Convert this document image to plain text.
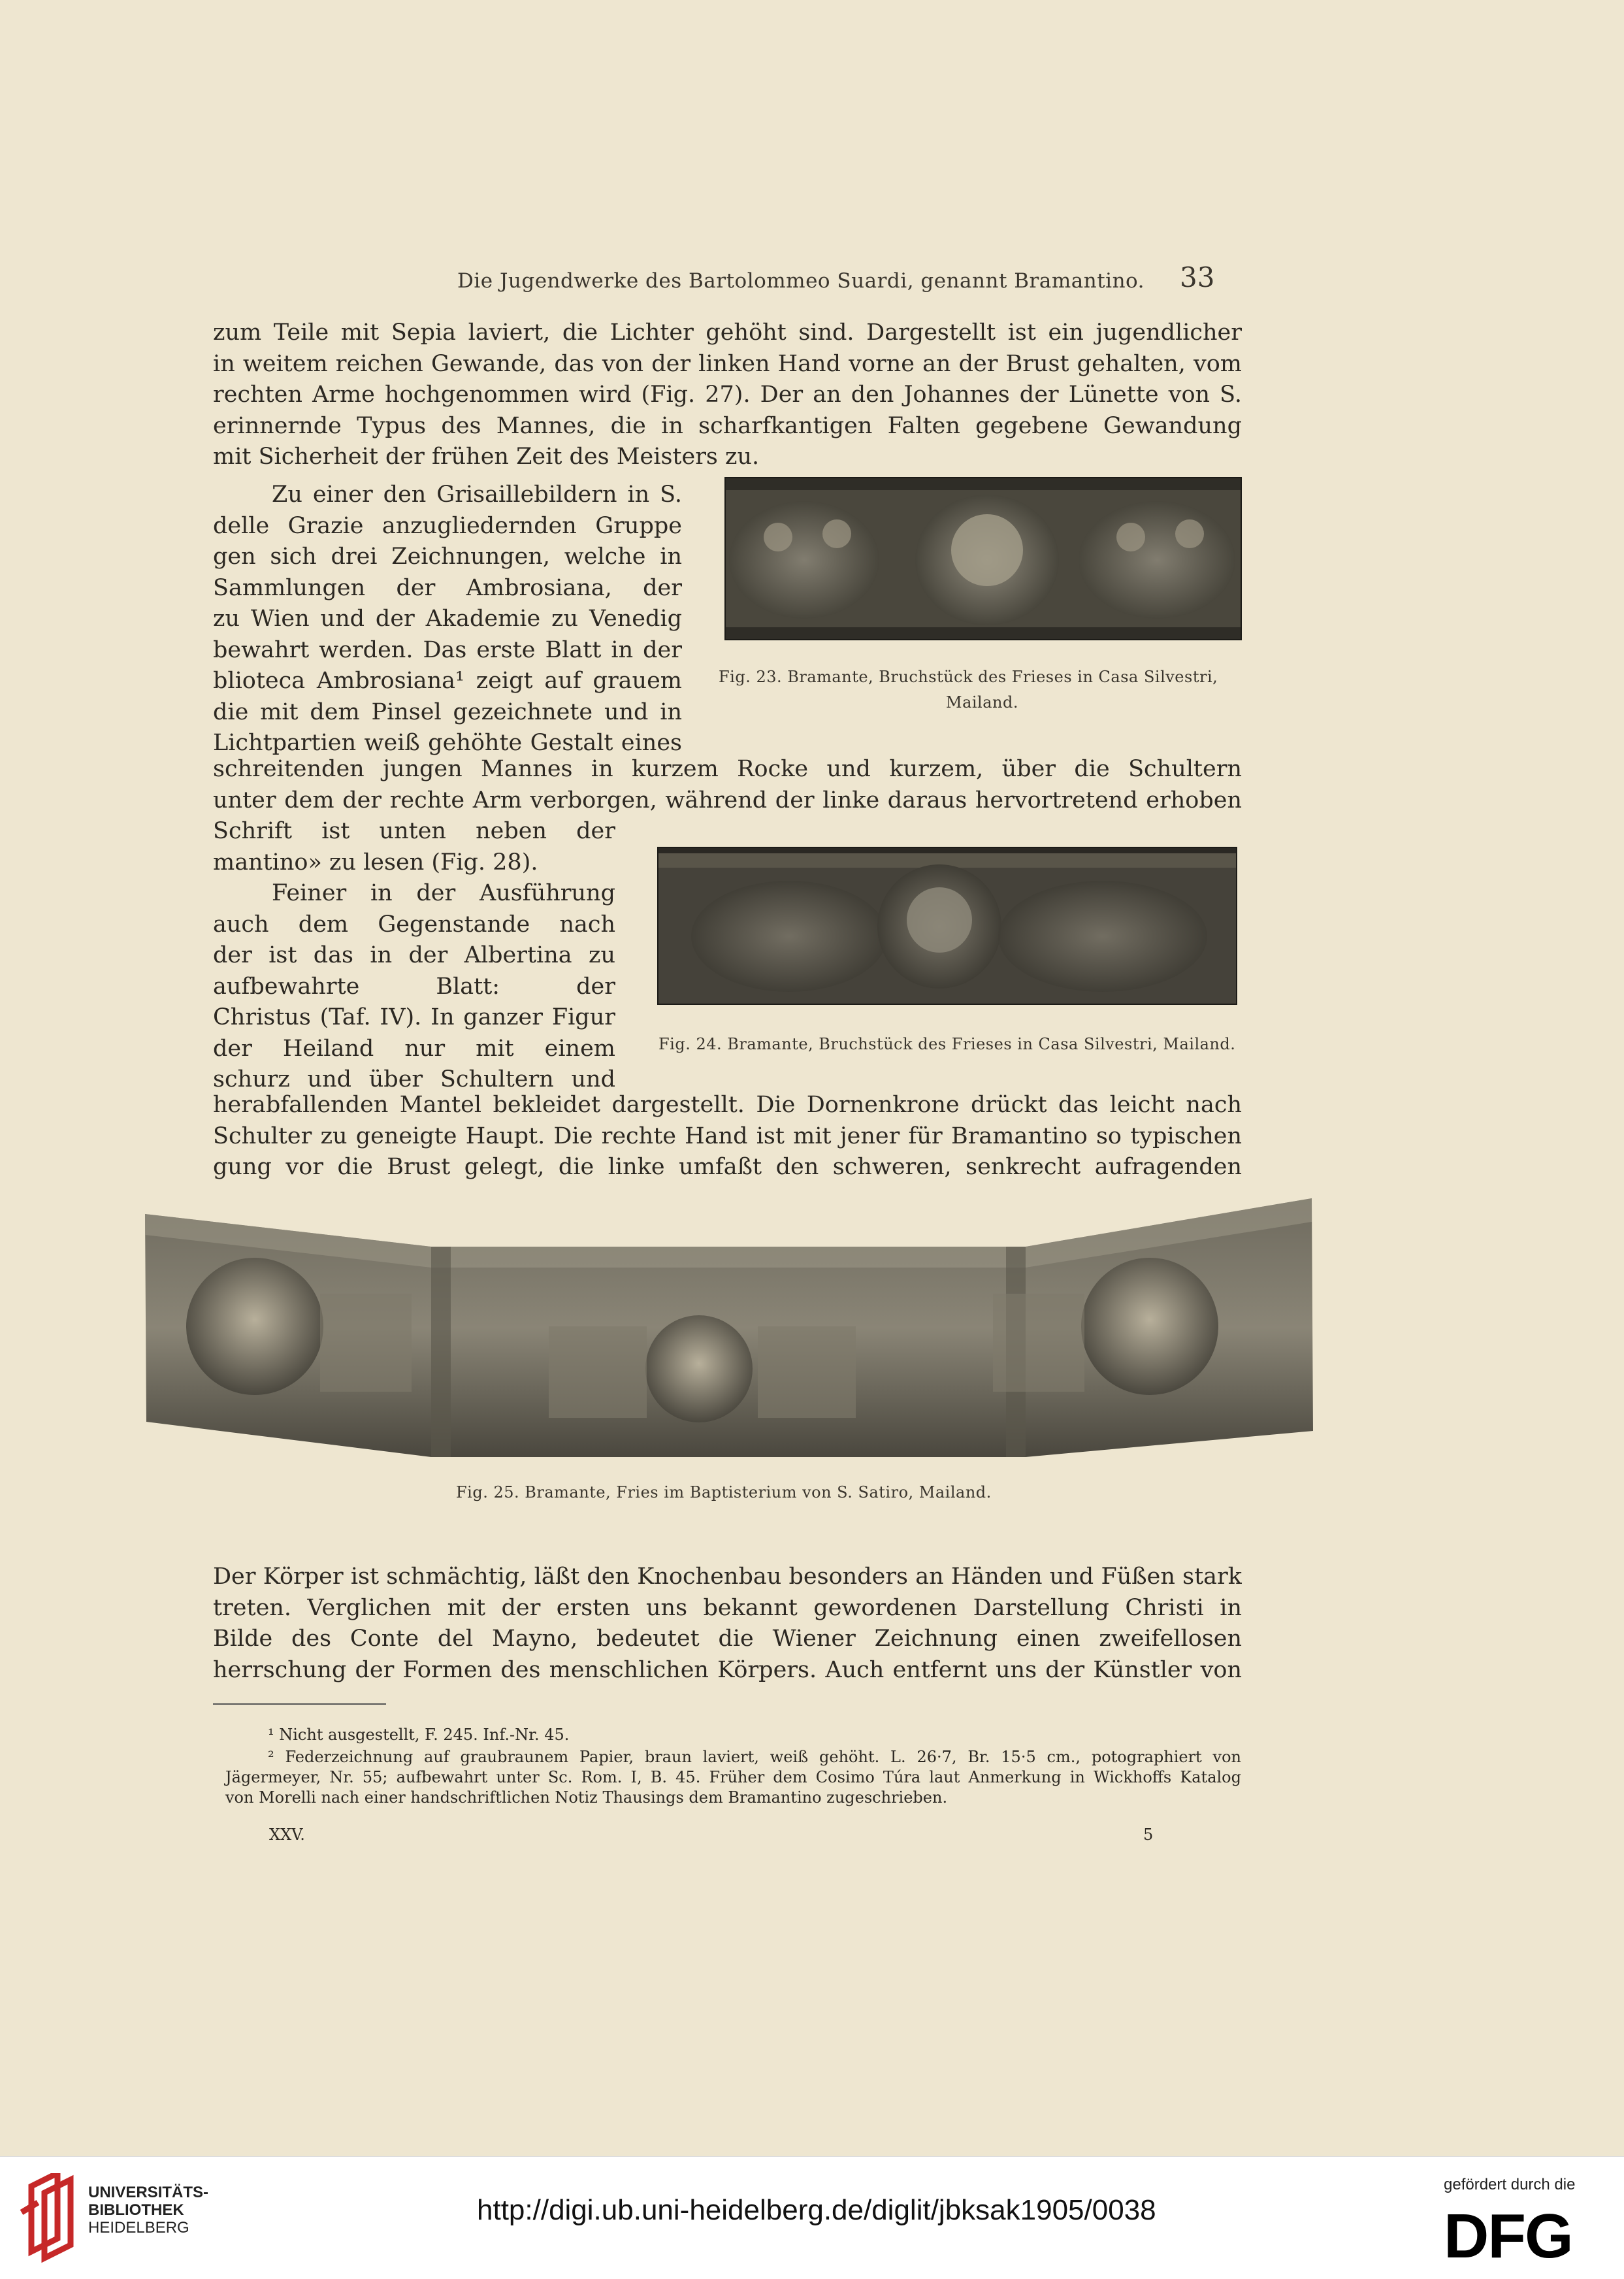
Die Jugendwerke des Bartolommeo Suardi, genannt Bramantino. 33
zum Teile mit Sepia laviert, die Lichter gehöht sind. Dargestellt ist ein jugendlicher
in weitem reichen Gewande, das von der linken Hand vorne an der Brust gehalten, vom
rechten Arme hochgenommen wird (Fig. 27). Der an den Johannes der Lünette von S.
erinnernde Typus des Mannes, die in scharfkantigen Falten gegebene Gewandung
mit Sicherheit der frühen Zeit des Meisters zu.
Zu einer den Grisaillebildern in S.
delle Grazie anzugliedernden Gruppe
gen sich drei Zeichnungen, welche in
Sammlungen der Ambrosiana, der
zu Wien und der Akademie zu Venedig
bewahrt werden. Das erste Blatt in der
blioteca Ambrosiana¹ zeigt auf grauem
die mit dem Pinsel gezeichnete und in
Lichtpartien weiß gehöhte Gestalt eines
Fig. 23. Bramante, Bruchstück des Frieses in Casa Silvestri,
Mailand.
schreitenden jungen Mannes in kurzem Rocke und kurzem, über die Schultern
unter dem der rechte Arm verborgen, während der linke daraus hervortretend erhoben
Schrift ist unten neben der
mantino» zu lesen (Fig. 28).
Feiner in der Ausführung
auch dem Gegenstande nach
der ist das in der Albertina zu
aufbewahrte Blatt: der
Christus (Taf. IV). In ganzer Figur
der Heiland nur mit einem
schurz und über Schultern und
Fig. 24. Bramante, Bruchstück des Frieses in Casa Silvestri, Mailand.
herabfallenden Mantel bekleidet dargestellt. Die Dornenkrone drückt das leicht nach
Schulter zu geneigte Haupt. Die rechte Hand ist mit jener für Bramantino so typischen
gung vor die Brust gelegt, die linke umfaßt den schweren, senkrecht aufragenden
Fig. 25. Bramante, Fries im Baptisterium von S. Satiro, Mailand.
Der Körper ist schmächtig, läßt den Knochenbau besonders an Händen und Füßen stark
treten. Verglichen mit der ersten uns bekannt gewordenen Darstellung Christi in
Bilde des Conte del Mayno, bedeutet die Wiener Zeichnung einen zweifellosen
herrschung der Formen des menschlichen Körpers. Auch entfernt uns der Künstler von
¹ Nicht ausgestellt, F. 245. Inf.-Nr. 45.
² Federzeichnung auf graubraunem Papier, braun laviert, weiß gehöht. L. 26·7, Br. 15·5 cm., potographiert von
Jägermeyer, Nr. 55; aufbewahrt unter Sc. Rom. I, B. 45. Früher dem Cosimo Túra laut Anmerkung in Wickhoffs Katalog
von Morelli nach einer handschriftlichen Notiz Thausings dem Bramantino zugeschrieben.
XXV.	5
UNIVERSITÄTS-
BIBLIOTHEK
HEIDELBERG
http://digi.ub.uni-heidelberg.de/diglit/jbksak1905/0038
gefördert durch die
DFG
